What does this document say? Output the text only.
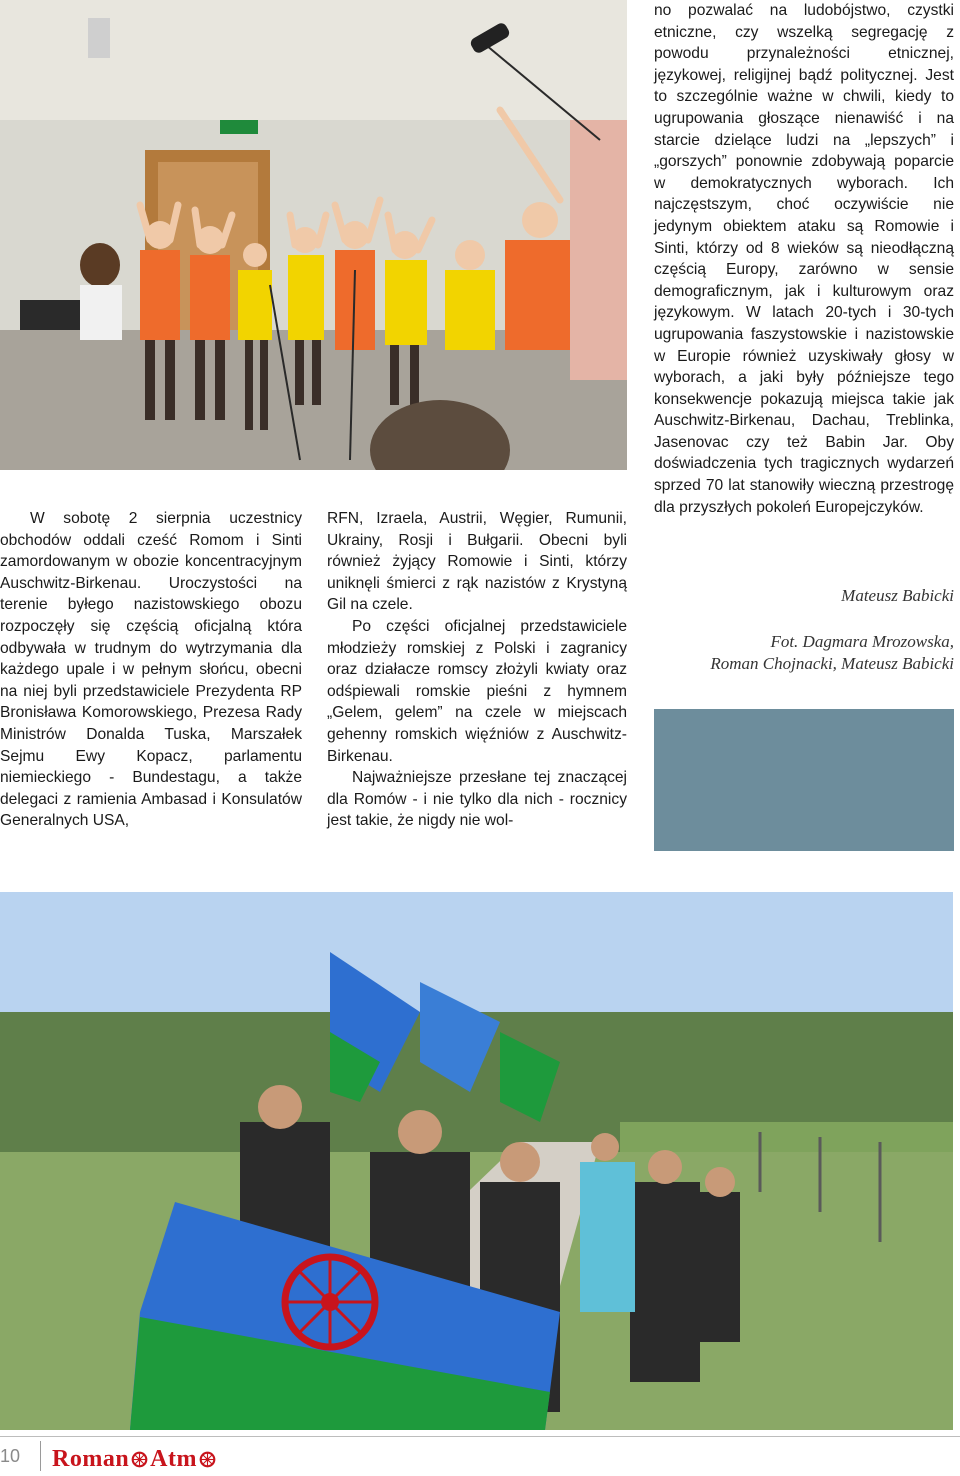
W sobotę 2 sierpnia uczestnicy obchodów oddali cześć Romom i Sinti zamordowanym w obozie koncentracyjnym Auschwitz-Birkenau. Uroczystości na terenie byłego nazistowskiego obozu rozpoczęły się częścią oficjalną która odbywała w trudnym do wytrzymania dla każdego upale i w pełnym słońcu, obecni na niej byli przedstawiciele Prezydenta RP Bronisława Komorowskiego, Prezesa Rady Ministrów Donalda Tuska, Marszałek Sejmu Ewy Kopacz, parlamentu niemieckiego - Bundestagu, a także delegaci z ramienia Ambasad i Konsulatów Generalnych USA,

RFN, Izraela, Austrii, Węgier, Rumunii, Ukrainy, Rosji i Bułgarii. Obecni byli również żyjący Romowie i Sinti, którzy uniknęli śmierci z rąk nazistów z Krystyną Gil na czele.

Po części oficjalnej przedstawiciele młodzieży romskiej z Polski i zagranicy oraz działacze romscy złożyli kwiaty oraz odśpiewali romskie pieśni z hymnem „Gelem, gelem” na czele w miejscach gehenny romskich więźniów z Auschwitz-Birkenau.

Najważniejsze przesłane tej znaczącej dla Romów - i nie tylko dla nich - rocznicy jest takie, że nigdy nie wol-

no pozwalać na ludobójstwo, czystki etniczne, czy wszelką segregację z powodu przynależności etnicznej, językowej, religijnej bądź politycznej. Jest to szczególnie ważne w chwili, kiedy to ugrupowania głoszące nienawiść i na starcie dzielące ludzi na „lepszych” i „gorszych” ponownie zdobywają poparcie w demokratycznych wyborach. Ich najczęstszym, choć oczywiście nie jedynym obiektem ataku są Romowie i Sinti, którzy od 8 wieków są nieodłączną częścią Europy, zarówno w sensie demograficznym, jak i kulturowym oraz językowym. W latach 20-tych i 30-tych ugrupowania faszystowskie i nazistowskie w Europie również uzyskiwały głosy w wyborach, a jaki były późniejsze tego konsekwencje pokazują miejsca takie jak Auschwitz-Birkenau, Dachau, Treblinka, Jasenovac czy też Babin Jar. Oby doświadczenia tych tragicznych wydarzeń sprzed 70 lat stanowiły wieczną przestrogę dla przyszłych pokoleń Europejczyków.

Mateusz Babicki
Fot. Dagmara Mrozowska,
Roman Chojnacki, Mateusz Babicki
10	Roman Atm
